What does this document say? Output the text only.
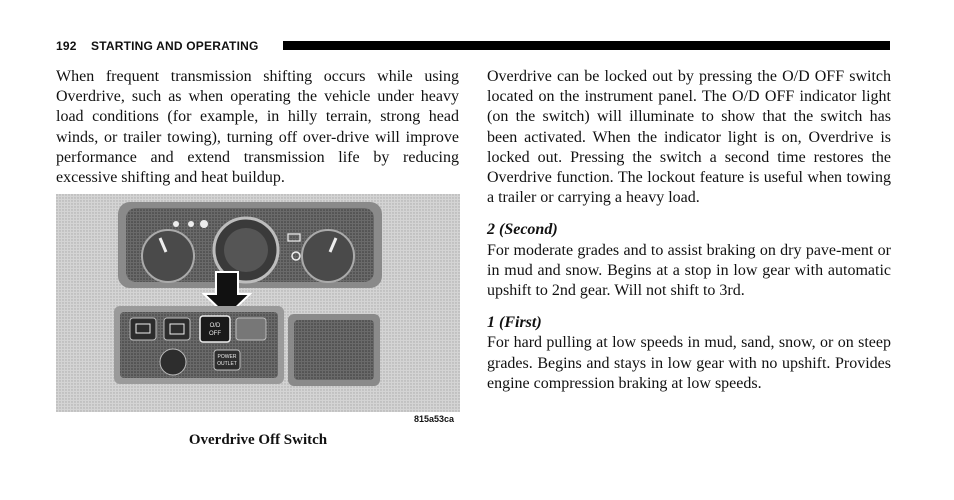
192 STARTING AND OPERATING

When frequent transmission shifting occurs while using Overdrive, such as when operating the vehicle under heavy load conditions (for example, in hilly terrain, strong head winds, or trailer towing), turning off over-drive will improve performance and extend transmission life by reducing excessive shifting and heat buildup.

O/D
OFF
POWER
OUTLET
815a53ca
Overdrive Off Switch

Overdrive can be locked out by pressing the O/D OFF switch located on the instrument panel. The O/D OFF indicator light (on the switch) will illuminate to show that the switch has been activated. When the indicator light is on, Overdrive is locked out. Pressing the switch a second time restores the Overdrive function. The lockout feature is useful when towing a trailer or carrying a heavy load.

2 (Second)

For moderate grades and to assist braking on dry pave-ment or in mud and snow. Begins at a stop in low gear with automatic upshift to 2nd gear. Will not shift to 3rd.

1 (First)

For hard pulling at low speeds in mud, sand, snow, or on steep grades. Begins and stays in low gear with no upshift. Provides engine compression braking at low speeds.
